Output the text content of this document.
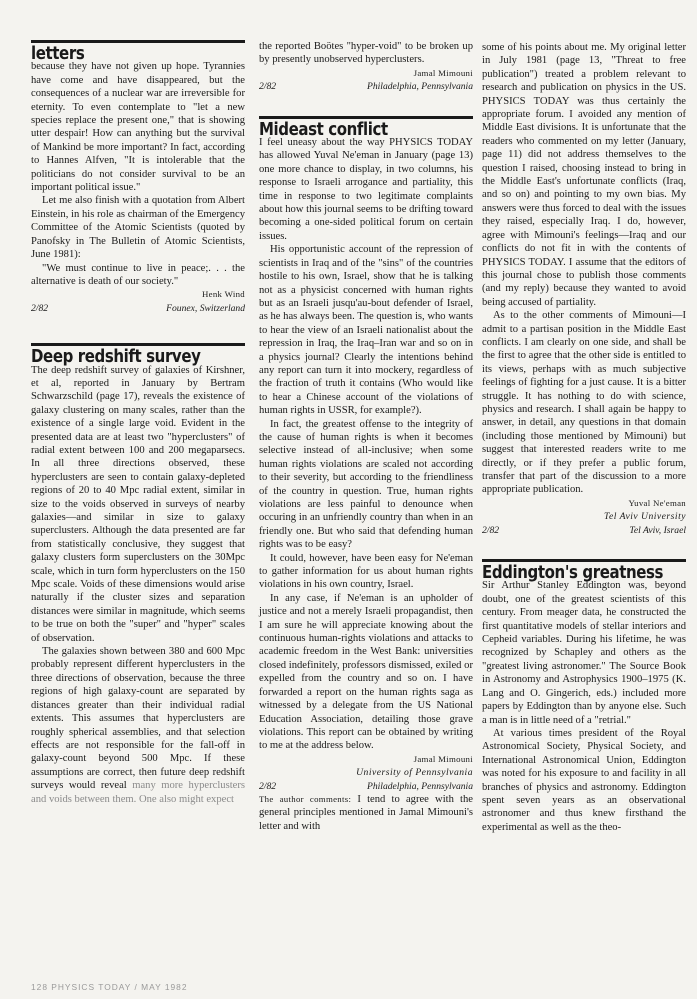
letters

because they have not given up hope. Tyrannies have come and have disappeared, but the consequences of a nuclear war are irreversible for eternity. To even contemplate to "let a new species replace the present one," that is showing utter despair! How can anything but the survival of Mankind be more important? In fact, according to Hannes Alfven, "It is intolerable that the politicians do not consider survival to be an important political issue."

Let me also finish with a quotation from Albert Einstein, in his role as chairman of the Emergency Committee of the Atomic Scientists (quoted by Panofsky in The Bulletin of Atomic Scientists, June 1981):

"We must continue to live in peace;. . . the alternative is death of our society."

Henk Wind
2/82	Founex, Switzerland
Deep redshift survey

The deep redshift survey of galaxies of Kirshner, et al, reported in January by Bertram Schwarzschild (page 17), reveals the existence of galaxy clustering on many scales, rather than the existence of a single large void. Evident in the presented data are at least two "hyperclusters" of radial extent between 100 and 200 megaparsecs. In all three directions observed, these hyperclusters are seen to contain galaxy-depleted regions of 20 to 40 Mpc radial extent, similar in size to the voids observed in surveys of nearby galaxies—and similar in size to galaxy superclusters. Although the data presented are far from statistically conclusive, they suggest that galaxy clusters form superclusters on the 30Mpc scale, which in turn form hyperclusters on the 150 Mpc scale. Voids of these dimensions would arise naturally if the cluster sizes and separation distances were similar in magnitude, which seems to be true on both the "super" and "hyper" scales of observation.

The galaxies shown between 380 and 600 Mpc probably represent different hyperclusters in the three directions of observation, because the three regions of high galaxy-count are separated by distances greater than their individual radial extents. This assumes that hyperclusters are roughly spherical assemblies, and that selection effects are not responsible for the fall-off in galaxy-count beyond 500 Mpc. If these assumptions are correct, then future deep redshift surveys would reveal many more hyperclusters and voids between them. One also might expect

the reported Boötes "hyper-void" to be broken up by presently unobserved hyperclusters.

Jamal Mimouni
2/82	Philadelphia, Pennsylvania
Mideast conflict

I feel uneasy about the way PHYSICS TODAY has allowed Yuval Ne'eman in January (page 13) one more chance to display, in two columns, his response to Israeli arrogance and partiality, this time in response to two legitimate complaints about how this journal seems to be drifting toward becoming a one-sided political forum on certain issues.

His opportunistic account of the repression of scientists in Iraq and of the "sins" of the countries hostile to his own, Israel, show that he is talking not as a physicist concerned with human rights but as an Israeli jusqu'au-bout defender of Israel, as he has always been. The question is, who wants to hear the view of an Israeli nationalist about the repression in Iraq, the Iraq–Iran war and so on in a physics journal? Clearly the intentions behind any report can turn it into mockery, regardless of the fraction of truth it contains (Who would like to hear a Chinese account of the violations of human rights in USSR, for example?).

In fact, the greatest offense to the integrity of the cause of human rights is when it becomes selective instead of all-inclusive; when some human rights violations are scaled not according to their severity, but according to the friendliness of the country in question. True, human rights violations are less painful to denounce when occuring in an unfriendly country than when in an friendly one. But who said that defending human rights was to be easy?

It could, however, have been easy for Ne'eman to gather information for us about human rights violations in his own country, Israel.

In any case, if Ne'eman is an upholder of justice and not a merely Israeli propagandist, then I am sure he will appreciate knowing about the continuous human-rights violations and attacks to academic freedom in the West Bank: universities closed indefinitely, professors dismissed, exiled or expelled from the country and so on. I have forwarded a report on the human rights saga as witnessed by a delegate from the US National Education Association, detailing those grave violations. This report can be obtained by writing to me at the address below.

Jamal Mimouni
University of Pennsylvania
2/82	Philadelphia, Pennsylvania

The author comments: I tend to agree with the general principles mentioned in Jamal Mimouni's letter and with

some of his points about me. My original letter in July 1981 (page 13, "Threat to free publication") treated a problem relevant to research and publication on physics in the US. PHYSICS TODAY was thus certainly the appropriate forum. I avoided any mention of Middle East divisions. It is unfortunate that the readers who commented on my letter (January, page 11) did not address themselves to the question I raised, choosing instead to bring in the Middle East's unfortunate conflicts (Iraq, and so on) and pointing to my own bias. My answers were thus forced to deal with the issues they raised, especially Iraq. I do, however, agree with Mimouni's feelings—Iraq and our conflicts do not fit in with the contents of PHYSICS TODAY. I assume that the editors of this journal chose to publish those comments (and my reply) because they wanted to avoid being accused of partiality.

As to the other comments of Mimouni—I admit to a partisan position in the Middle East conflicts. I am clearly on one side, and shall be the first to agree that the other side is entitled to its views, perhaps with as much subjective feelings of fighting for a just cause. It is a bitter struggle. It has nothing to do with science, physics and research. I shall again be happy to answer, in detail, any questions in that domain (including those mentioned by Mimouni) but suggest that interested readers write to me directly, or if they prefer a public forum, transfer that part of the discussion to a more appropriate publication.

Yuval Ne'eman
Tel Aviv University
2/82	Tel Aviv, Israel
Eddington's greatness

Sir Arthur Stanley Eddington was, beyond doubt, one of the greatest scientists of this century. From meager data, he constructed the first quantitative models of stellar interiors and Cepheid variables. During his lifetime, he was recognized by Schapley and others as the "greatest living astronomer." The Source Book in Astronomy and Astrophysics 1900–1975 (K. Lang and O. Gingerich, eds.) included more papers by Eddington than by anyone else. Such a man is in little need of a "retrial."

At various times president of the Royal Astronomical Society, Physical Society, and International Astronomical Union, Eddington was noted for his exposure to and facility in all branches of physics and astronomy. Eddington spent seven years as an observational astronomer and thus knew firsthand the experimental as well as the theo-

128 PHYSICS TODAY / MAY 1982
